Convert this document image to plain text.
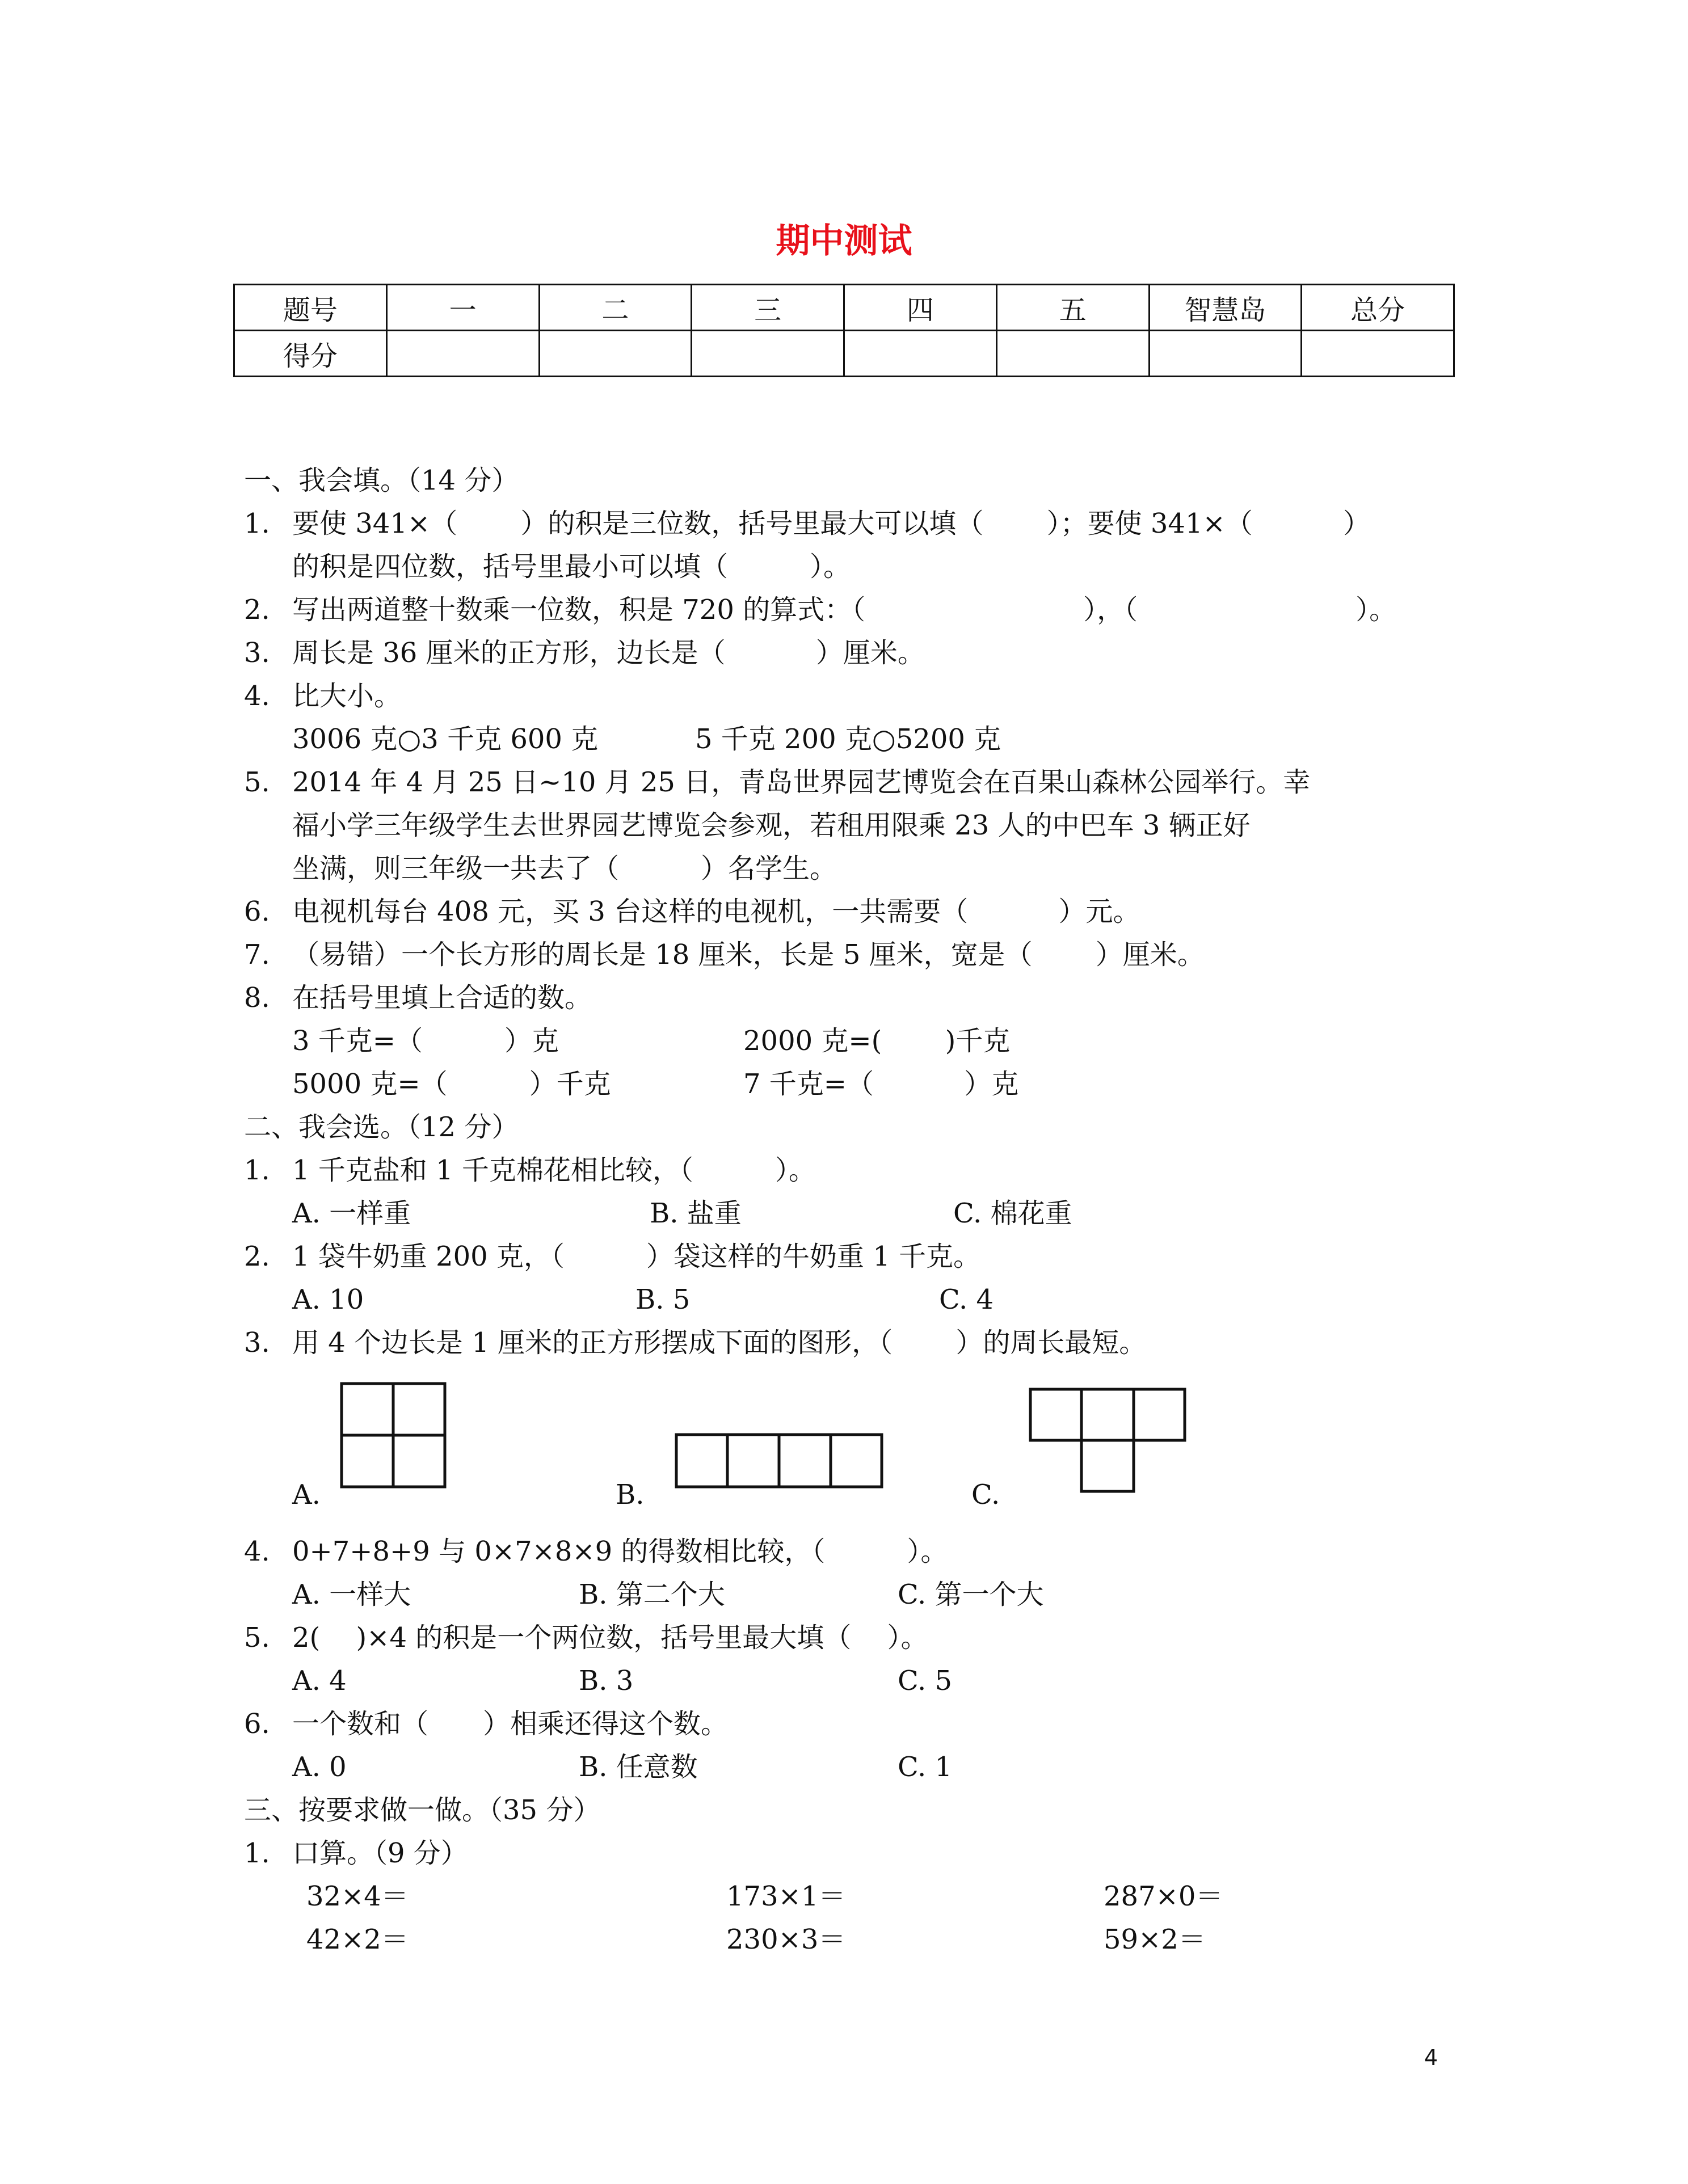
期中测试
题号	一	二	三	四	五	智慧岛	总分
得分							
一、我会填。（14 分）
1. 要使 341×（　　 ）的积是三位数，括号里最大可以填（　　 ）；要使 341×（　　　 ）
的积是四位数，括号里最小可以填（　　　）。
2. 写出两道整十数乘一位数，积是 720 的算式：（　　　　　　　　），（　　　　　　　　）。
3. 周长是 36 厘米的正方形，边长是（　　　 ）厘米。
4. 比大小。
3006 克○3 千克 600 克	5 千克 200 克○5200 克
5. 2014 年 4 月 25 日~10 月 25 日，青岛世界园艺博览会在百果山森林公园举行。幸
福小学三年级学生去世界园艺博览会参观，若租用限乘 23 人的中巴车 3 辆正好
坐满，则三年级一共去了（　　　）名学生。
6. 电视机每台 408 元，买 3 台这样的电视机，一共需要（　　　 ）元。
7. （易错）一个长方形的周长是 18 厘米，长是 5 厘米，宽是（　　 ）厘米。
8. 在括号里填上合适的数。
3 千克=（　　　）克	2000 克=(　　 )千克
5000 克=（　　　）千克	7 千克=（　　　 ）克
二、我会选。（12 分）
1. 1 千克盐和 1 千克棉花相比较，（　　　）。
A. 一样重	B. 盐重	C. 棉花重
2. 1 袋牛奶重 200 克，（　　　）袋这样的牛奶重 1 千克。
A. 10	B. 5	C. 4
3. 用 4 个边长是 1 厘米的正方形摆成下面的图形，（　　 ）的周长最短。
A.	B.	C.
4. 0+7+8+9 与 0×7×8×9 的得数相比较，（　　　）。
A. 一样大	B. 第二个大	C. 第一个大
5. 2(　 )×4 的积是一个两位数，括号里最大填（　 ）。
A. 4	B. 3	C. 5
6. 一个数和（　　）相乘还得这个数。
A. 0	B. 任意数	C. 1
三、按要求做一做。（35 分）
1. 口算。（9 分）
32×4＝	173×1＝	287×0＝
42×2＝	230×3＝	59×2＝
4
